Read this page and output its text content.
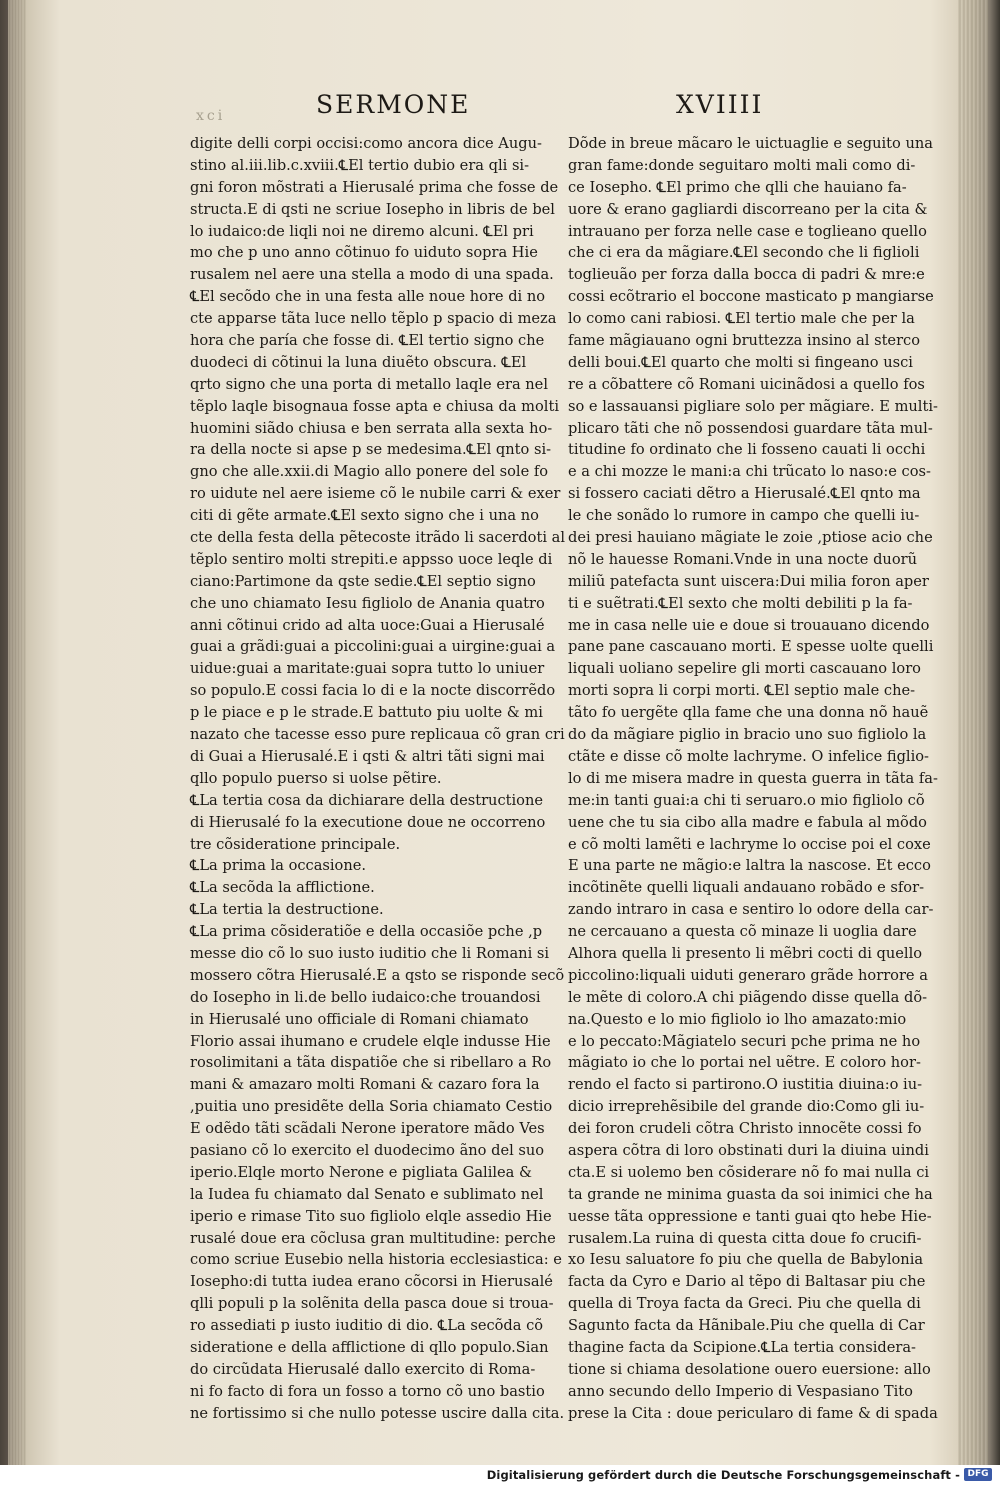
xci	SERMONE	XVIIII
digite delli corpi occisi:como ancora dice Augu-
stino al.iii.lib.c.xviii.℄El tertio dubio era qli si-
gni foron mõstrati a Hierusalé prima che fosse de
structa.E di qsti ne scriue Iosepho in libris de bel
lo iudaico:de liqli noi ne diremo alcuni. ℄El pri
mo che p uno anno cõtinuo fo uiduto sopra Hie
rusalem nel aere una stella a modo di una spada.
℄El secõdo che in una festa alle noue hore di no
cte apparse tãta luce nello tẽplo p spacio di meza
hora che paría che fosse di. ℄El tertio signo che
duodeci di cõtinui la luna diuẽto obscura. ℄El
qrto signo che una porta di metallo laqle era nel
tẽplo laqle bisognaua fosse apta e chiusa da molti
huomini siãdo chiusa e ben serrata alla sexta ho-
ra della nocte si apse p se medesima.℄El qnto si-
gno che alle.xxii.di Magio allo ponere del sole fo
ro uidute nel aere isieme cõ le nubile carri & exer
citi di gẽte armate.℄El sexto signo che i una no
cte della festa della pẽtecoste itrãdo li sacerdoti al
tẽplo sentiro molti strepiti.e appsso uoce leqle di
ciano:Partimone da qste sedie.℄El septio signo
che uno chiamato Iesu figliolo de Anania quatro
anni cõtinui crido ad alta uoce:Guai a Hierusalé
guai a grãdi:guai a piccolini:guai a uirgine:guai a
uidue:guai a maritate:guai sopra tutto lo uniuer
so populo.E cossi facia lo di e la nocte discorrẽdo
p le piace e p le strade.E battuto piu uolte & mi
nazato che tacesse esso pure replicaua cõ gran cri
di Guai a Hierusalé.E i qsti & altri tãti signi mai
qllo populo puerso si uolse pẽtire.
℄La tertia cosa da dichiarare della destructione
di Hierusalé fo la executione doue ne occorreno
tre cõsideratione principale.
℄La prima la occasione.
℄La secõda la afflictione.
℄La tertia la destructione.
℄La prima cõsideratiõe e della occasiõe pche ,p
messe dio cõ lo suo iusto iuditio che li Romani si
mossero cõtra Hierusalé.E a qsto se risponde secõ
do Iosepho in li.de bello iudaico:che trouandosi
in Hierusalé uno officiale di Romani chiamato
Florio assai ihumano e crudele elqle indusse Hie
rosolimitani a tãta dispatiõe che si ribellaro a Ro
mani & amazaro molti Romani & cazaro fora la
,puitia uno presidẽte della Soria chiamato Cestio
E odẽdo tãti scãdali Nerone iperatore mãdo Ves
pasiano cõ lo exercito el duodecimo ãno del suo
iperio.Elqle morto Nerone e pigliata Galilea &
la Iudea fu chiamato dal Senato e sublimato nel
iperio e rimase Tito suo figliolo elqle assedio Hie
rusalé doue era cõclusa gran multitudine: perche
como scriue Eusebio nella historia ecclesiastica: e
Iosepho:di tutta iudea erano cõcorsi in Hierusalé
qlli populi p la solẽnita della pasca doue si troua-
ro assediati p iusto iuditio di dio. ℄La secõda cõ
sideratione e della afflictione di qllo populo.Sian
do circũdata Hierusalé dallo exercito di Roma-
ni fo facto di fora un fosso a torno cõ uno bastio
ne fortissimo si che nullo potesse uscire dalla cita.
Dõde in breue mãcaro le uictuaglie e seguito una
gran fame:donde seguitaro molti mali como di-
ce Iosepho. ℄El primo che qlli che hauiano fa-
uore & erano gagliardi discorreano per la cita &
intrauano per forza nelle case e toglieano quello
che ci era da mãgiare.℄El secondo che li figlioli
toglieuão per forza dalla bocca di padri & mre:e
cossi ecõtrario el boccone masticato p mangiarse
lo como cani rabiosi. ℄El tertio male che per la
fame mãgiauano ogni bruttezza insino al sterco
delli boui.℄El quarto che molti si fingeano usci
re a cõbattere cõ Romani uicinãdosi a quello fos
so e lassauansi pigliare solo per mãgiare. E multi-
plicaro tãti che nõ possendosi guardare tãta mul-
titudine fo ordinato che li fosseno cauati li occhi
e a chi mozze le mani:a chi trũcato lo naso:e cos-
si fossero caciati dẽtro a Hierusalé.℄El qnto ma
le che sonãdo lo rumore in campo che quelli iu-
dei presi hauiano mãgiate le zoie ,ptiose acio che
nõ le hauesse Romani.Vnde in una nocte duorũ
miliũ patefacta sunt uiscera:Dui milia foron aper
ti e suẽtrati.℄El sexto che molti debiliti p la fa-
me in casa nelle uie e doue si trouauano dicendo
pane pane cascauano morti. E spesse uolte quelli
liquali uoliano sepelire gli morti cascauano loro
morti sopra li corpi morti. ℄El septio male che-
tãto fo uergẽte qlla fame che una donna nõ hauẽ
do da mãgiare piglio in bracio uno suo figliolo la
ctãte e disse cõ molte lachryme. O infelice figlio-
lo di me misera madre in questa guerra in tãta fa-
me:in tanti guai:a chi ti seruaro.o mio figliolo cõ
uene che tu sia cibo alla madre e fabula al mõdo
e cõ molti lamẽti e lachryme lo occise poi el coxe
E una parte ne mãgio:e laltra la nascose. Et ecco
incõtinẽte quelli liquali andauano robãdo e sfor-
zando intraro in casa e sentiro lo odore della car-
ne cercauano a questa cõ minaze li uoglia dare
Alhora quella li presento li mẽbri cocti di quello
piccolino:liquali uiduti generaro grãde horrore a
le mẽte di coloro.A chi piãgendo disse quella dõ-
na.Questo e lo mio figliolo io lho amazato:mio
e lo peccato:Mãgiatelo securi pche prima ne ho
mãgiato io che lo portai nel uẽtre. E coloro hor-
rendo el facto si partirono.O iustitia diuina:o iu-
dicio irreprehẽsibile del grande dio:Como gli iu-
dei foron crudeli cõtra Christo innocẽte cossi fo
aspera cõtra di loro obstinati duri la diuina uindi
cta.E si uolemo ben cõsiderare nõ fo mai nulla ci
ta grande ne minima guasta da soi inimici che ha
uesse tãta oppressione e tanti guai qto hebe Hie-
rusalem.La ruina di questa citta doue fo crucifi-
xo Iesu saluatore fo piu che quella de Babylonia
facta da Cyro e Dario al tẽpo di Baltasar piu che
quella di Troya facta da Greci. Piu che quella di
Sagunto facta da Hãnibale.Piu che quella di Car
thagine facta da Scipione.℄La tertia considera-
tione si chiama desolatione ouero euersione: allo
anno secundo dello Imperio di Vespasiano Tito
prese la Cita : doue periculаro di fame & di spada
Digitalisierung gefördert durch die Deutsche Forschungsgemeinschaft - DFG
